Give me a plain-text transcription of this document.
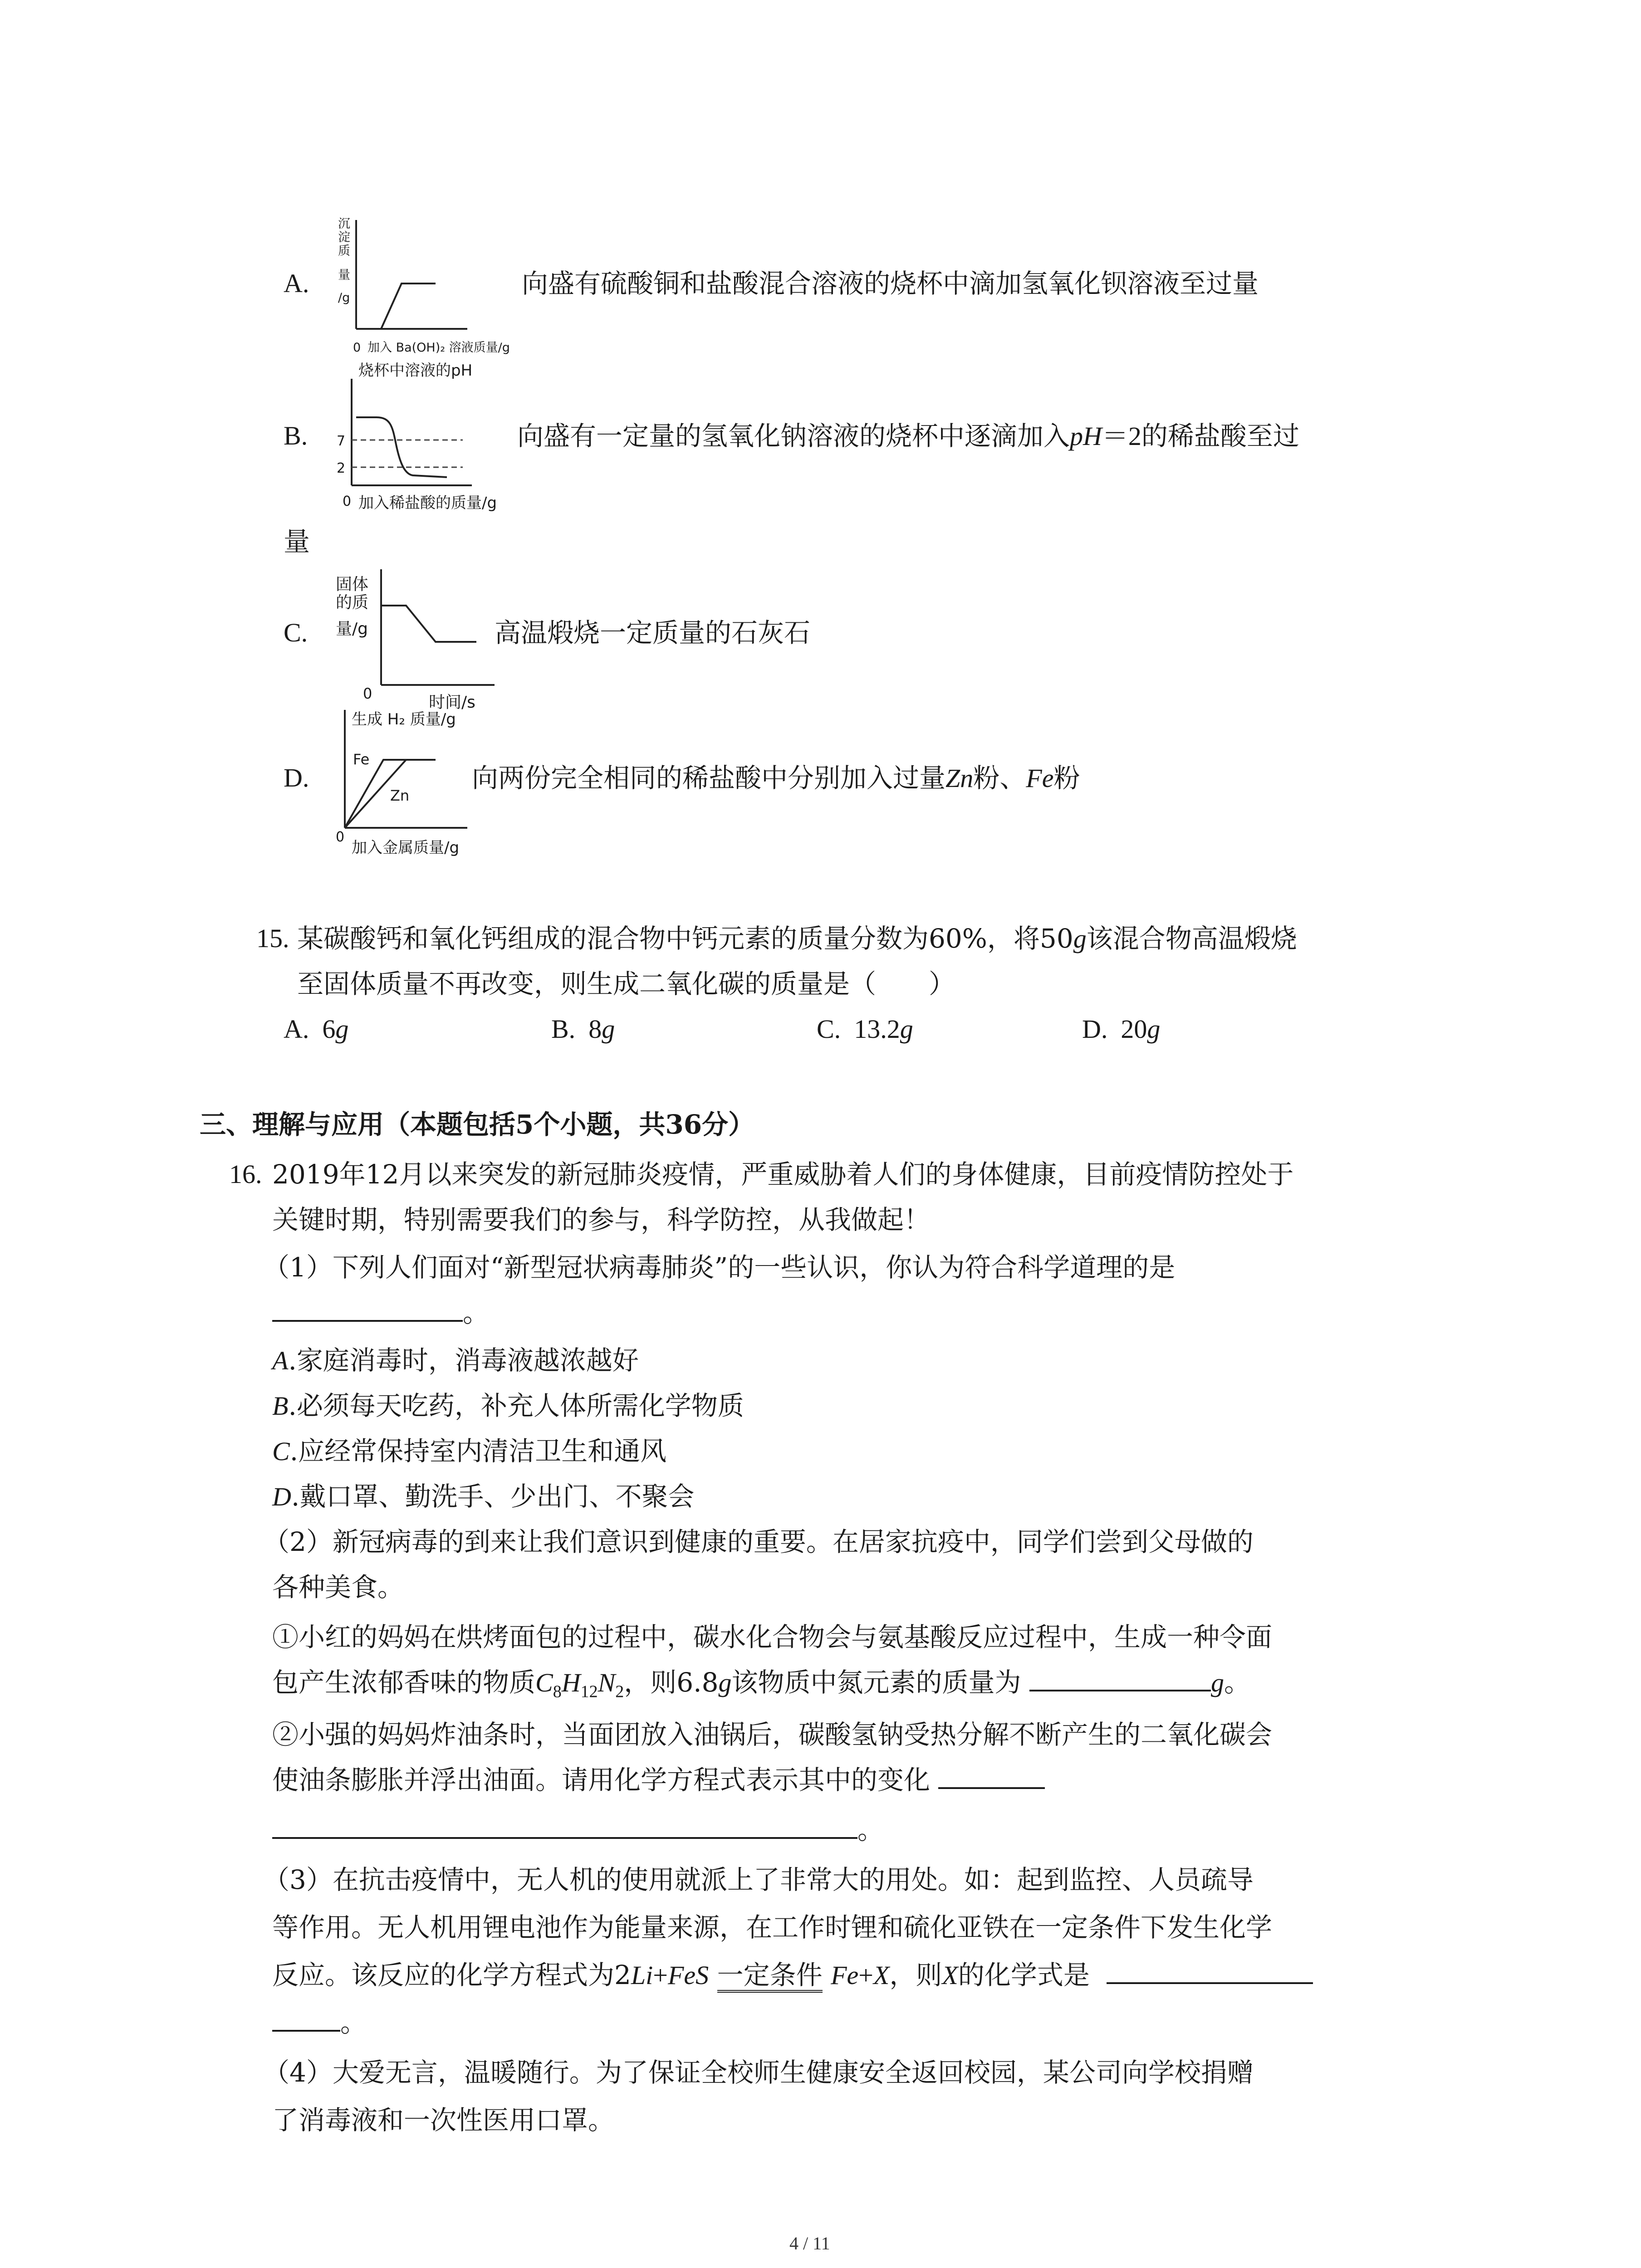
A.
沉
淀
质
量
/g
0 加入 Ba(OH)₂ 溶液质量/g
向盛有硫酸铜和盐酸混合溶液的烧杯中滴加氢氧化钡溶液至过量
B.
烧杯中溶液的pH
7
2
0 加入稀盐酸的质量/g
向盛有一定量的氢氧化钠溶液的烧杯中逐滴加入pH＝2的稀盐酸至过
量
C.
固体
的质
量/g
0	时间/s
高温煅烧一定质量的石灰石
D.
生成 H₂ 质量/g
Fe
Zn
0
加入金属质量/g
向两份完全相同的稀盐酸中分别加入过量Zn粉、Fe粉
15. 某碳酸钙和氧化钙组成的混合物中钙元素的质量分数为60%，将50g该混合物高温煅烧
至固体质量不再改变，则生成二氧化碳的质量是（　　）
A. 6g	B. 8g	C. 13.2g	D. 20g
三、理解与应用（本题包括5个小题，共36分）
16. 2019年12月以来突发的新冠肺炎疫情，严重威胁着人们的身体健康，目前疫情防控处于
关键时期，特别需要我们的参与，科学防控，从我做起！
（1）下列人们面对“新型冠状病毒肺炎”的一些认识，你认为符合科学道理的是
。
A.家庭消毒时，消毒液越浓越好
B.必须每天吃药，补充人体所需化学物质
C.应经常保持室内清洁卫生和通风
D.戴口罩、勤洗手、少出门、不聚会
（2）新冠病毒的到来让我们意识到健康的重要。在居家抗疫中，同学们尝到父母做的
各种美食。
①小红的妈妈在烘烤面包的过程中，碳水化合物会与氨基酸反应过程中，生成一种令面
包产生浓郁香味的物质$C_8H_{12}N_2$，则6.8g该物质中氮元素的质量为	g。
②小强的妈妈炸油条时，当面团放入油锅后，碳酸氢钠受热分解不断产生的二氧化碳会
使油条膨胀并浮出油面。请用化学方程式表示其中的变化
。
（3）在抗击疫情中，无人机的使用就派上了非常大的用处。如：起到监控、人员疏导
等作用。无人机用锂电池作为能量来源，在工作时锂和硫化亚铁在一定条件下发生化学
反应。该反应的化学方程式为2Li+FeS 一定条件 Fe+X，则X的化学式是
。
（4）大爱无言，温暖随行。为了保证全校师生健康安全返回校园，某公司向学校捐赠
了消毒液和一次性医用口罩。
4 / 11
